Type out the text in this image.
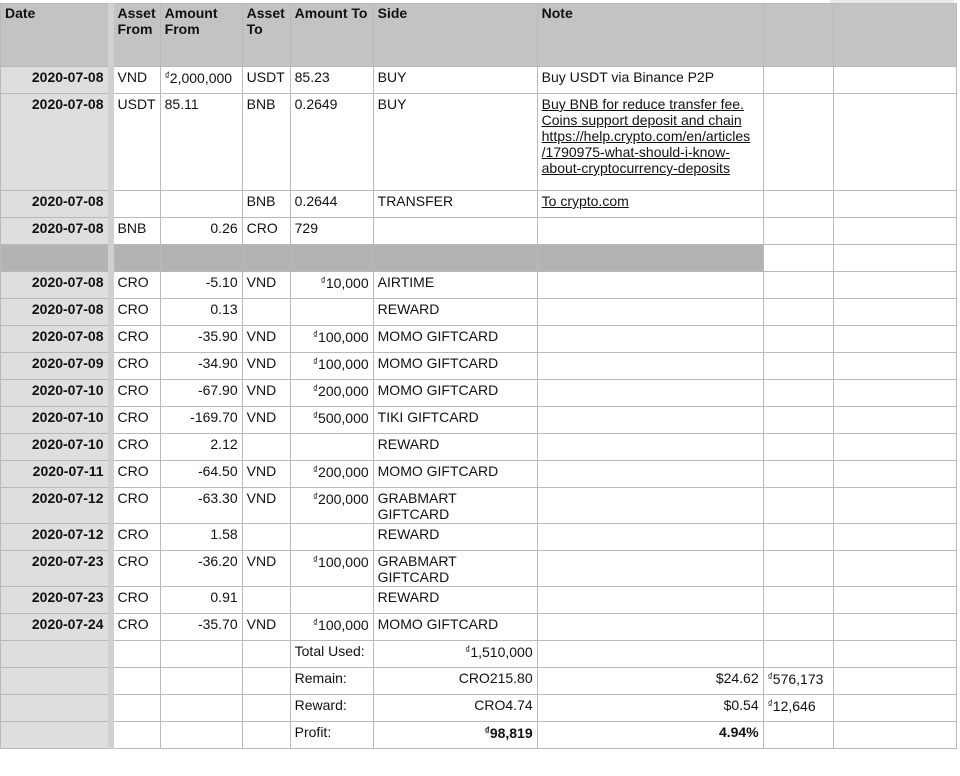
Date	Asset From	Amount From	Asset To	Amount To	Side	Note		
2020-07-08	VND	₫2,000,000	USDT	85.23	BUY	Buy USDT via Binance P2P		
2020-07-08	USDT	85.11	BNB	0.2649	BUY	Buy BNB for reduce transfer fee.
Coins support deposit and chain
https://help.crypto.com/en/articles
/1790975-what-should-i-know-
about-cryptocurrency-deposits		

2020-07-08			BNB	0.2644	TRANSFER	To crypto.com		
2020-07-08	BNB	0.26	CRO	729				

2020-07-08	CRO	-5.10	VND	₫10,000	AIRTIME			
2020-07-08	CRO	0.13			REWARD			
2020-07-08	CRO	-35.90	VND	₫100,000	MOMO GIFTCARD			
2020-07-09	CRO	-34.90	VND	₫100,000	MOMO GIFTCARD			
2020-07-10	CRO	-67.90	VND	₫200,000	MOMO GIFTCARD			
2020-07-10	CRO	-169.70	VND	₫500,000	TIKI GIFTCARD			
2020-07-10	CRO	2.12			REWARD			
2020-07-11	CRO	-64.50	VND	₫200,000	MOMO GIFTCARD			
2020-07-12	CRO	-63.30	VND	₫200,000	GRABMART
GIFTCARD			

2020-07-12	CRO	1.58			REWARD			
2020-07-23	CRO	-36.20	VND	₫100,000	GRABMART
GIFTCARD			

2020-07-23	CRO	0.91			REWARD			
2020-07-24	CRO	-35.70	VND	₫100,000	MOMO GIFTCARD			
				Total Used:	₫1,510,000			
				Remain:	CRO215.80	$24.62	₫576,173	
				Reward:	CRO4.74	$0.54	₫12,646	
				Profit:	₫98,819	4.94%		
